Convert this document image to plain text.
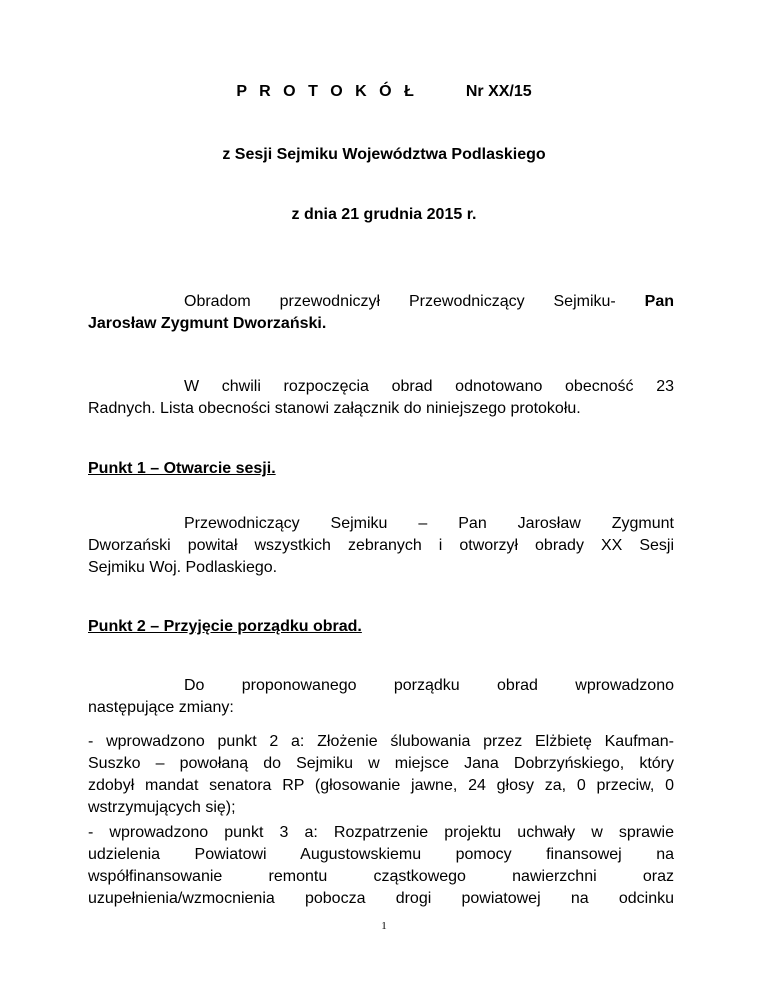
P R O T O K Ó Ł	Nr XX/15

z Sesji Sejmiku Województwa Podlaskiego

z dnia 21 grudnia 2015 r.

Obradom przewodniczył Przewodniczący Sejmiku- Pan
Jarosław Zygmunt Dworzański.
W chwili rozpoczęcia obrad odnotowano obecność 23
Radnych. Lista obecności stanowi załącznik do niniejszego protokołu.

Punkt 1 – Otwarcie sesji.

Przewodniczący Sejmiku – Pan Jarosław Zygmunt
Dworzański powitał wszystkich zebranych i otworzył obrady XX Sesji
Sejmiku Woj. Podlaskiego.

Punkt 2 – Przyjęcie porządku obrad.

Do proponowanego porządku obrad wprowadzono
następujące zmiany:
- wprowadzono punkt 2 a: Złożenie ślubowania przez Elżbietę Kaufman-
Suszko – powołaną do Sejmiku w miejsce Jana Dobrzyńskiego, który
zdobył mandat senatora RP (głosowanie jawne, 24 głosy za, 0 przeciw, 0
wstrzymujących się);
- wprowadzono punkt 3 a: Rozpatrzenie projektu uchwały w sprawie
udzielenia Powiatowi Augustowskiemu pomocy finansowej na
współfinansowanie remontu cząstkowego nawierzchni oraz
uzupełnienia/wzmocnienia pobocza drogi powiatowej na odcinku

1
